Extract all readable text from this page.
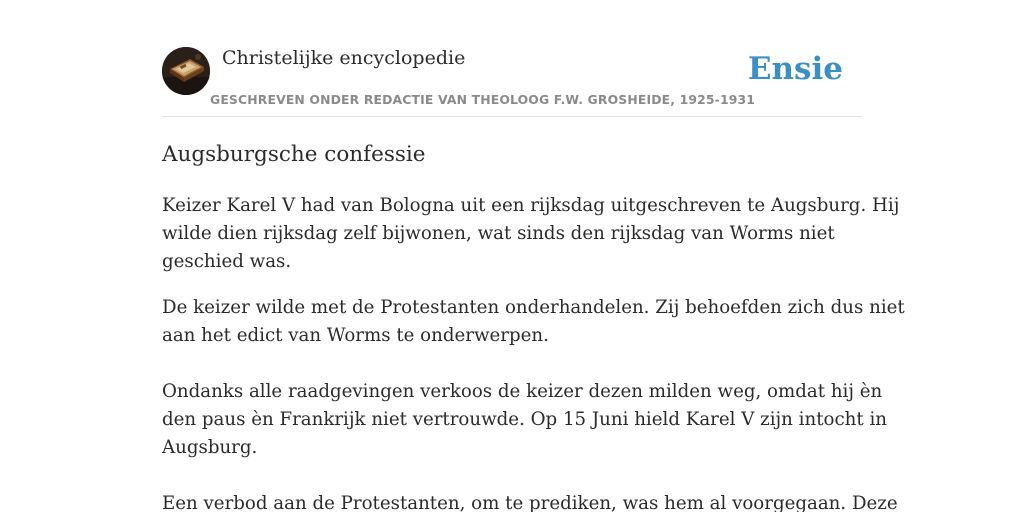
Christelijke encyclopedie
GESCHREVEN ONDER REDACTIE VAN THEOLOOG F.W. GROSHEIDE, 1925-1931
Ensie
Augsburgsche confessie

Keizer Karel V had van Bologna uit een rijksdag uitgeschreven te Augsburg. Hij
wilde dien rijksdag zelf bijwonen, wat sinds den rijksdag van Worms niet
geschied was.

De keizer wilde met de Protestanten onderhandelen. Zij behoefden zich dus niet
aan het edict van Worms te onderwerpen.

Ondanks alle raadgevingen verkoos de keizer dezen milden weg, omdat hij èn
den paus èn Frankrijk niet vertrouwde. Op 15 Juni hield Karel V zijn intocht in
Augsburg.

Een verbod aan de Protestanten, om te prediken, was hem al voorgegaan. Deze
